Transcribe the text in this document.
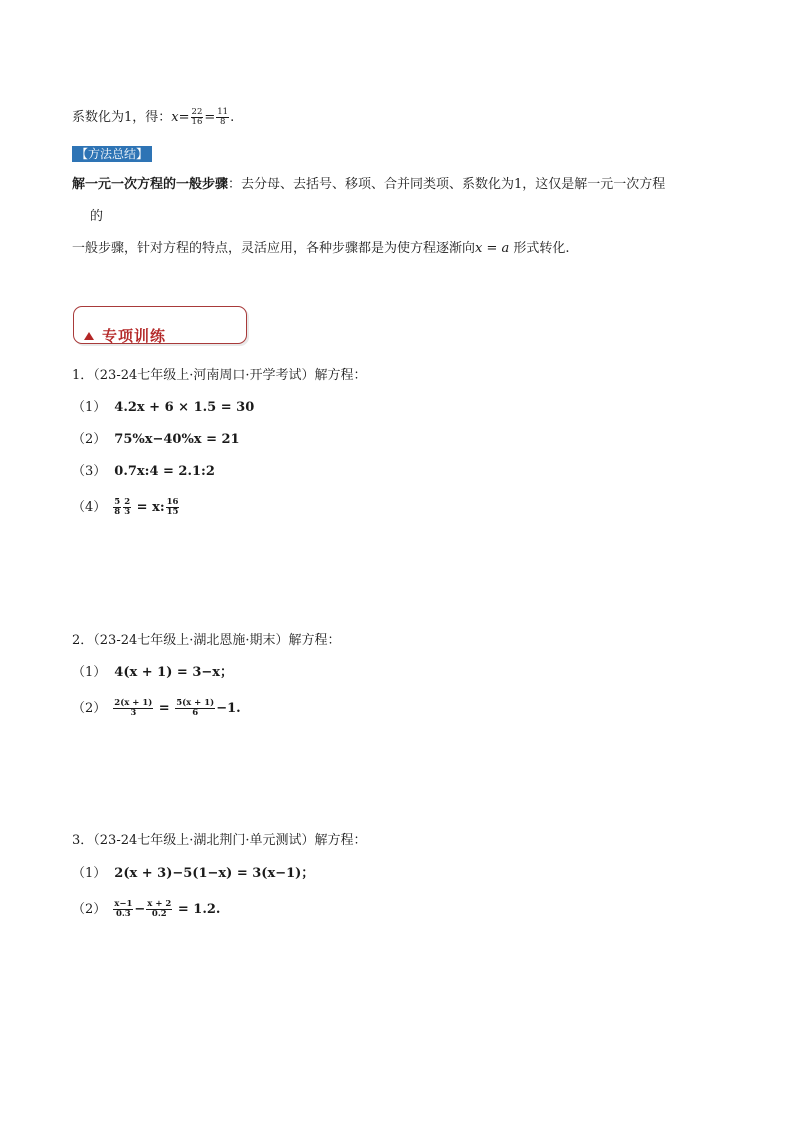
系数化为1，得：$x= \frac{22}{16} = \frac{11}{8}$ .
【方法总结】
解一元一次方程的一般步骤：去分母、去括号、移项、合并同类项、系数化为1，这仅是解一元一次方程
的
一般步骤，针对方程的特点，灵活应用，各种步骤都是为使方程逐渐向x = a 形式转化.
专项训练
1．（23-24七年级上·河南周口·开学考试）解方程：
（1） 4.2x + 6 × 1.5 = 30
（2） 75%x−40%x = 21
（3） 0.7x:4 = 2.1:2
$(4) \frac{5}{8} \frac{2}{3} = x$: $\frac{16}{15}$
2．（23-24七年级上·湖北恩施·期末）解方程：
（1） 4(x + 1) = 3−x；
$(2) \frac{2(x + 1)}{3} = \frac{5(x + 1)}{6} -1$.
3．（23-24七年级上·湖北荆门·单元测试）解方程：
（1） 2(x + 3)−5(1−x) = 3(x−1)；
$(2) \frac{x-1}{0.3} - \frac{x + 2}{0.2} = 1.2$.
